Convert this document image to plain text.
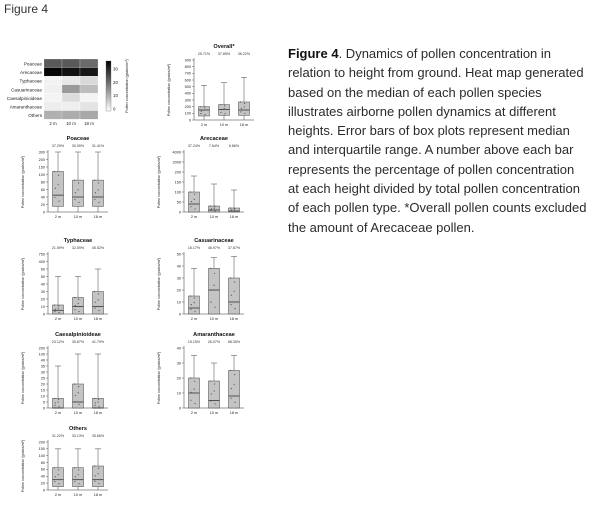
Figure 4
Poaceae
Arecaceae
Typhaceae
Casuarinaceae
Caesalpinioideae
Amaranthaceae
Others
2 m 10 m 18 m
30
20
10
0	Pollen concentration (grains/m³)
Overall*
25.71% 37.85% 36.22%
0
100
200
300
400
500
600
700
800
900
Pollen concentration (grains/m³)
2 m	10 m	18 m
Poaceae
37.29% 30.00% 31.41%
0
20
40
60
80
100
150
200
300
Pollen concentration (grains/m³)
2 m	10 m	18 m
Arecaceae
37.24% 7.64%	6.86%
0
50
100
150
200
2000
4000
Pollen concentration (grains/m³)
2 m	10 m	18 m
Typhaceae
21.59% 32.59% 45.52%
0
10
20
30
40
50
60
400
750
Pollen concentration (grains/m³)
2 m	10 m	18 m
Casuarinaceae
15.17% 46.97% 37.67%
0
10
20
30
40
50
Pollen concentration (grains/m³)
2 m	10 m	18 m
Caesalpinioideae
23.12% 35.87% 41.79%
0
5
10
15
20
25
30
35
40
100
200
Pollen concentration (grains/m³)
2 m	10 m	18 m
Amaranthaceae
15.15% 26.07% 58.35%
0
10
20
30
40
Pollen concentration (grains/m³)
2 m	10 m	18 m
Others
31.22% 33.13% 35.66%
0
20
40
60
80
100
150
200
Pollen concentration (grains/m³)
2 m	10 m	18 m
Figure 4. Dynamics of pollen concentration in relation to height from ground. Heat map generated based on the median of each pollen species illustrates airborne pollen dynamics at different heights. Error bars of box plots represent median and interquartile range. A number above each bar represents the percentage of pollen concentration at each height divided by total pollen concentration of each pollen type. *Overall pollen counts excluded the amount of Arecaceae pollen.
